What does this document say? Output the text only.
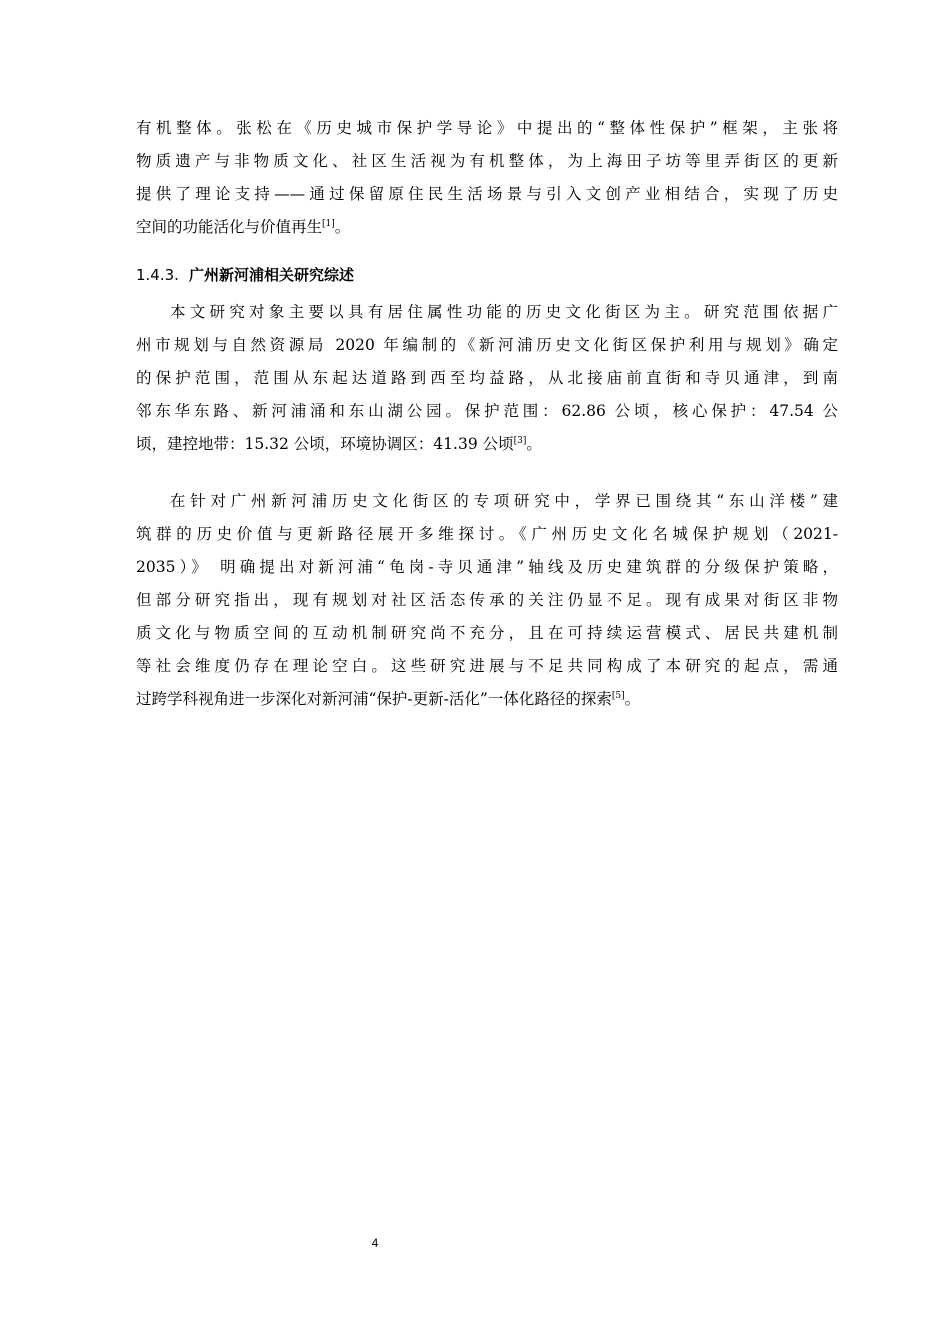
有机整体。张松在《历史城市保护学导论》中提出的“整体性保护”框架，主张将
物质遗产与非物质文化、社区生活视为有机整体，为上海田子坊等里弄街区的更新
提供了理论支持——通过保留原住民生活场景与引入文创产业相结合，实现了历史
空间的功能活化与价值再生[1]。
1.4.3. 广州新河浦相关研究综述
本文研究对象主要以具有居住属性功能的历史文化街区为主。研究范围依据广
州市规划与自然资源局 2020 年编制的《新河浦历史文化街区保护利用与规划》确定
的保护范围，范围从东起达道路到西至均益路，从北接庙前直街和寺贝通津，到南
邻东华东路、新河浦涌和东山湖公园。保护范围：62.86 公顷，核心保护：47.54 公
顷，建控地带：15.32 公顷，环境协调区：41.39 公顷[3]。
在针对广州新河浦历史文化街区的专项研究中，学界已围绕其“东山洋楼”建
筑群的历史价值与更新路径展开多维探讨。《广州历史文化名城保护规划（2021-
2035）》 明确提出对新河浦“龟岗-寺贝通津”轴线及历史建筑群的分级保护策略，
但部分研究指出，现有规划对社区活态传承的关注仍显不足。现有成果对街区非物
质文化与物质空间的互动机制研究尚不充分，且在可持续运营模式、居民共建机制
等社会维度仍存在理论空白。这些研究进展与不足共同构成了本研究的起点，需通
过跨学科视角进一步深化对新河浦“保护-更新-活化”一体化路径的探索[5]。
4
